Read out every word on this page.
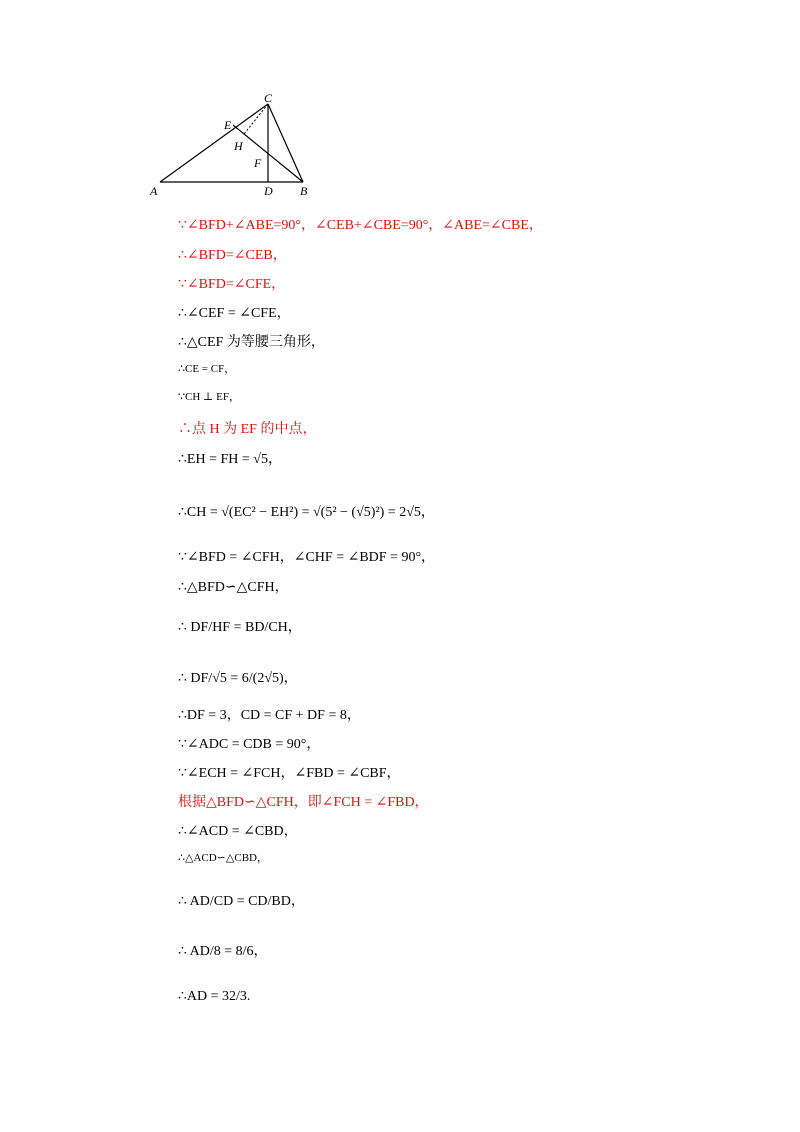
C
E
H
F
A	D B
∵∠BFD+∠ABE=90°，∠CEB+∠CBE=90°，∠ABE=∠CBE，
∴∠BFD=∠CEB，
∵∠BFD=∠CFE，
∴∠CEF = ∠CFE，
∴△CEF 为等腰三角形，
∴CE = CF，
∵CH ⊥ EF，
∴点 H 为 EF 的中点，
∴EH = FH = √5，
∴CH = √(EC² − EH²) = √(5² − (√5)²) = 2√5，
∵∠BFD = ∠CFH，∠CHF = ∠BDF = 90°，
∴△BFD∽△CFH，
∴ DF/HF = BD/CH，
∴ DF/√5 = 6/(2√5)，
∴DF = 3，CD = CF + DF = 8，
∵∠ADC = CDB = 90°，
∵∠ECH = ∠FCH，∠FBD = ∠CBF，
根据△BFD∽△CFH，即∠FCH = ∠FBD，
∴∠ACD = ∠CBD，
∴△ACD∽△CBD，
∴ AD/CD = CD/BD，
∴ AD/8 = 8/6，
∴AD = 32/3.
